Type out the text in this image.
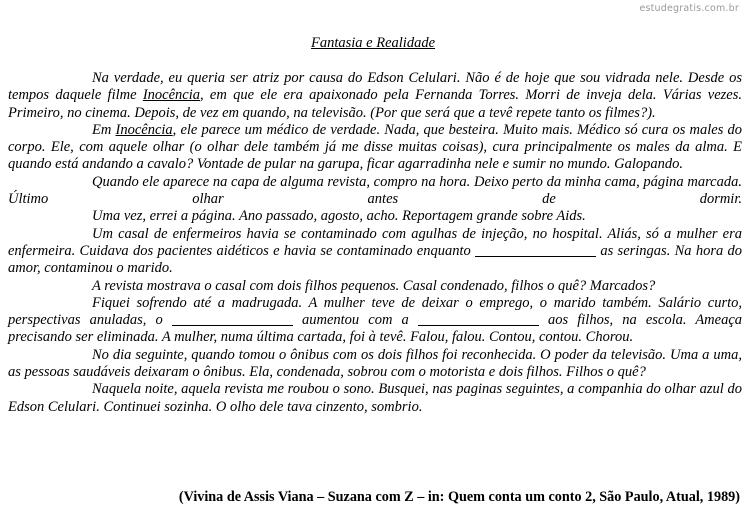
estudegratis.com.br
Fantasia e Realidade

Na verdade, eu queria ser atriz por causa do Edson Celulari. Não é de hoje que sou vidrada nele. Desde os tempos daquele filme Inocência, em que ele era apaixonado pela Fernanda Torres. Morri de inveja dela. Várias vezes. Primeiro, no cinema. Depois, de vez em quando, na televisão. (Por que será que a tevê repete tanto os filmes?).

Em Inocência, ele parece um médico de verdade. Nada, que besteira. Muito mais. Médico só cura os males do corpo. Ele, com aquele olhar (o olhar dele também já me disse muitas coisas), cura principalmente os males da alma. E quando está andando a cavalo? Vontade de pular na garupa, ficar agarradinha nele e sumir no mundo. Galopando.

Quando ele aparece na capa de alguma revista, compro na hora. Deixo perto da minha cama, página marcada. Último olhar antes de dormir.

Uma vez, errei a página. Ano passado, agosto, acho. Reportagem grande sobre Aids.

Um casal de enfermeiros havia se contaminado com agulhas de injeção, no hospital. Aliás, só a mulher era enfermeira. Cuidava dos pacientes aidéticos e havia se contaminado enquanto	as seringas. Na hora do amor, contaminou o marido.

A revista mostrava o casal com dois filhos pequenos. Casal condenado, filhos o quê? Marcados?

Fiquei sofrendo até a madrugada. A mulher teve de deixar o emprego, o marido também. Salário curto, perspectivas anuladas, o	aumentou com a	aos filhos, na escola. Ameaça precisando ser eliminada. A mulher, numa última cartada, foi à tevê. Falou, falou. Contou, contou. Chorou.

No dia seguinte, quando tomou o ônibus com os dois filhos foi reconhecida. O poder da televisão. Uma a uma, as pessoas saudáveis deixaram o ônibus. Ela, condenada, sobrou com o motorista e dois filhos. Filhos o quê?

Naquela noite, aquela revista me roubou o sono. Busquei, nas paginas seguintes, a companhia do olhar azul do Edson Celulari. Continuei sozinha. O olho dele tava cinzento, sombrio.

(Vivina de Assis Viana – Suzana com Z – in: Quem conta um conto 2, São Paulo, Atual, 1989)
